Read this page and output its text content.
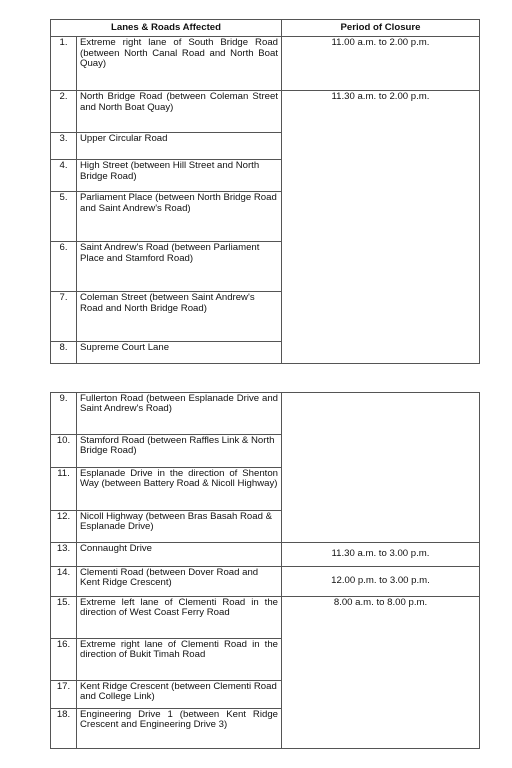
Lanes & Roads Affected		Period of Closure
1.	Extreme right lane of South Bridge Road (between North Canal Road and North Boat Quay)	11.00 a.m. to 2.00 p.m.
2.	North Bridge Road (between Coleman Street and North Boat Quay)	11.30 a.m. to 2.00 p.m.
3.	Upper Circular Road	
4.	High Street (between Hill Street and North Bridge Road)	
5.	Parliament Place (between North Bridge Road and Saint Andrew's Road)	
6.	Saint Andrew's Road (between Parliament Place and Stamford Road)	
7.	Coleman Street (between Saint Andrew's Road and North Bridge Road)	
8.	Supreme Court Lane	
9.	Fullerton Road (between Esplanade Drive and Saint Andrew's Road)	
10.	Stamford Road (between Raffles Link & North Bridge Road)	
11.	Esplanade Drive in the direction of Shenton Way (between Battery Road & Nicoll Highway)	
12.	Nicoll Highway (between Bras Basah Road & Esplanade Drive)	
13.	Connaught Drive	11.30 a.m. to 3.00 p.m.
14.	Clementi Road (between Dover Road and Kent Ridge Crescent)	12.00 p.m. to 3.00 p.m.
15.	Extreme left lane of Clementi Road in the direction of West Coast Ferry Road	8.00 a.m. to 8.00 p.m.
16.	Extreme right lane of Clementi Road in the direction of Bukit Timah Road	
17.	Kent Ridge Crescent (between Clementi Road and College Link)	
18.	Engineering Drive 1 (between Kent Ridge Crescent and Engineering Drive 3)	
